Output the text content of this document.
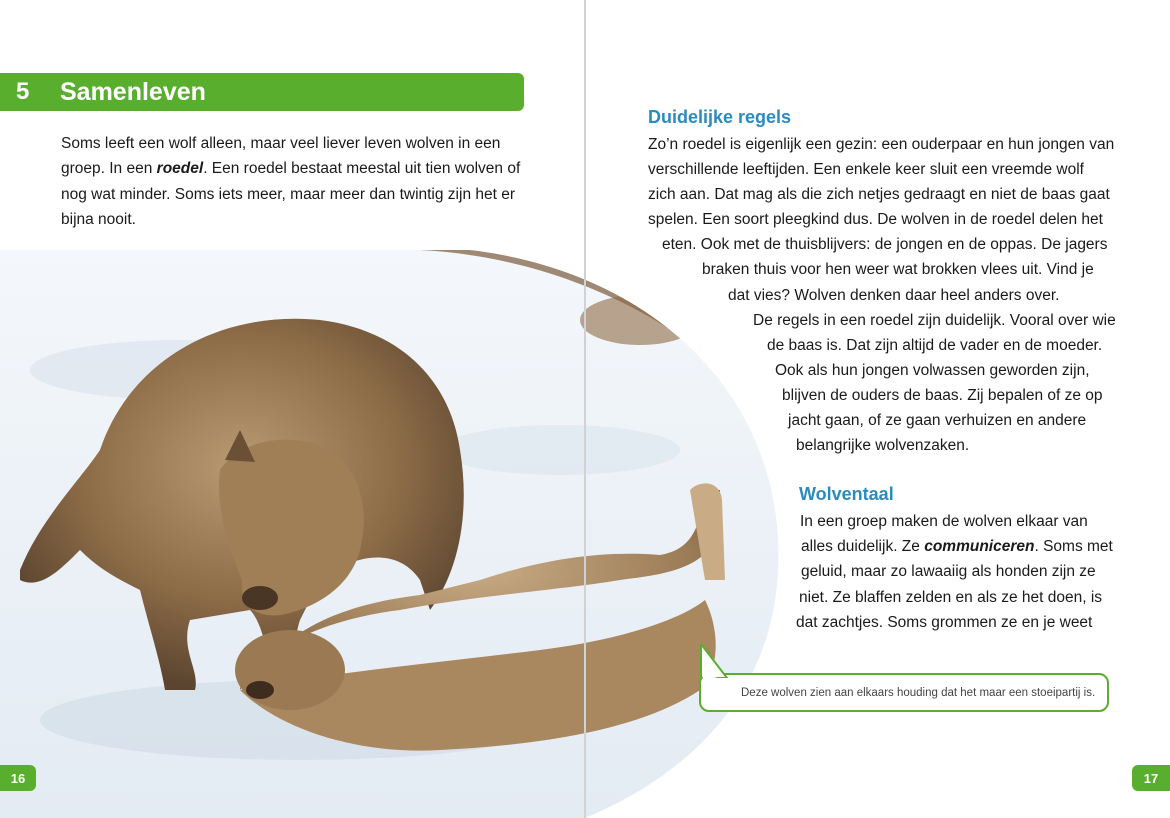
5	Samenleven

Soms leeft een wolf alleen, maar veel liever leven wolven in een groep. In een roedel. Een roedel bestaat meestal uit tien wolven of nog wat minder. Soms iets meer, maar meer dan twintig zijn het er bijna nooit.

Duidelijke regels
Zo’n roedel is eigenlijk een gezin: een ouderpaar en hun jongen van
verschillende leeftijden. Een enkele keer sluit een vreemde wolf
zich aan. Dat mag als die zich netjes gedraagt en niet de baas gaat
spelen. Een soort pleegkind dus. De wolven in de roedel delen het
eten. Ook met de thuisblijvers: de jongen en de oppas. De jagers
braken thuis voor hen weer wat brokken vlees uit. Vind je
dat vies? Wolven denken daar heel anders over.
De regels in een roedel zijn duidelijk. Vooral over wie
de baas is. Dat zijn altijd de vader en de moeder.
Ook als hun jongen volwassen geworden zijn,
blijven de ouders de baas. Zij bepalen of ze op
jacht gaan, of ze gaan verhuizen en andere
belangrijke wolvenzaken.
Wolventaal
In een groep maken de wolven elkaar van
alles duidelijk. Ze communiceren. Soms met
geluid, maar zo lawaaiig als honden zijn ze
niet. Ze blaffen zelden en als ze het doen, is
dat zachtjes. Soms grommen ze en je weet
Deze wolven zien aan elkaars houding dat het maar een stoeipartij is.
16	17
